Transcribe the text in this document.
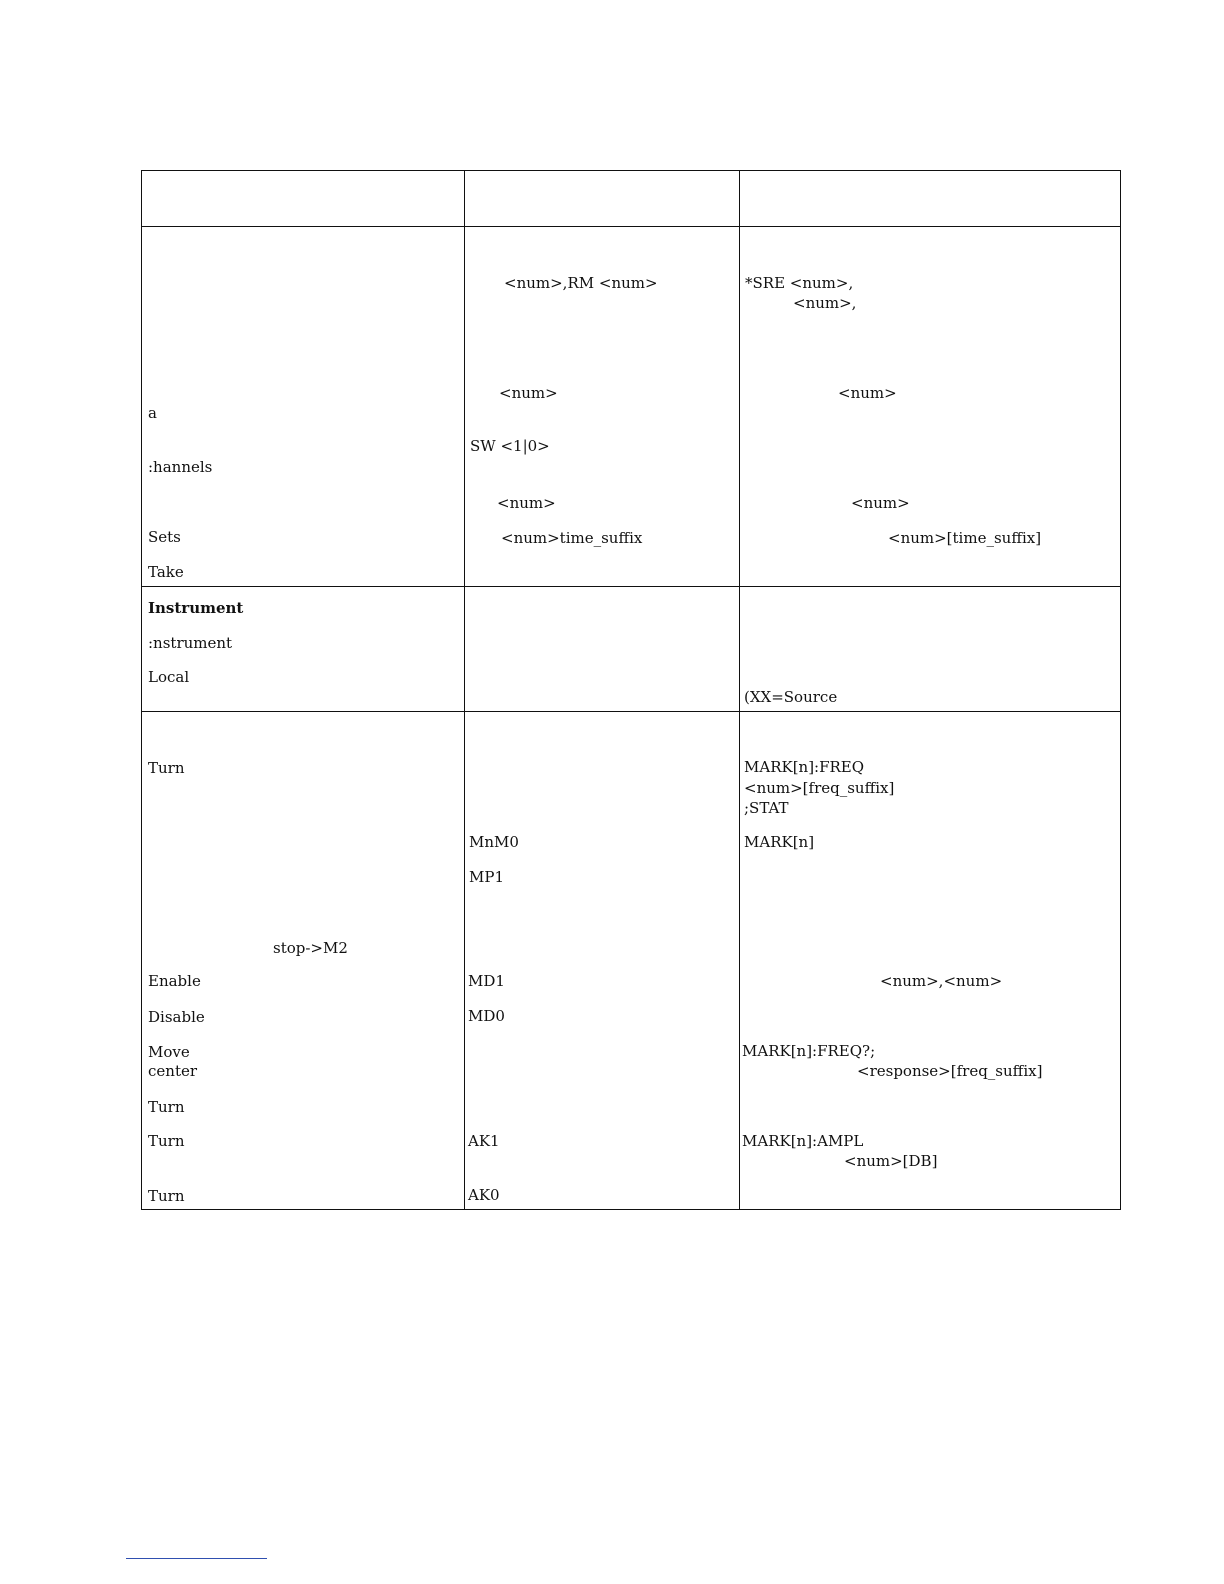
a
:hannels
Sets
Take
Instrument
:nstrument
Local
Turn
stop->M2
Enable
Disable
Move
center
Turn
Turn
Turn
<num>,RM <num>
<num>
SW <1|0>
<num>
<num>time_suffix
MnM0
MP1
MD1
MD0
AK1
AK0
*SRE <num>,
<num>,
<num>
<num>
<num>[time_suffix]
(XX=Source
MARK[n]:FREQ
<num>[freq_suffix]
;STAT
MARK[n]
<num>,<num>
MARK[n]:FREQ?;
<response>[freq_suffix]
MARK[n]:AMPL
<num>[DB]
